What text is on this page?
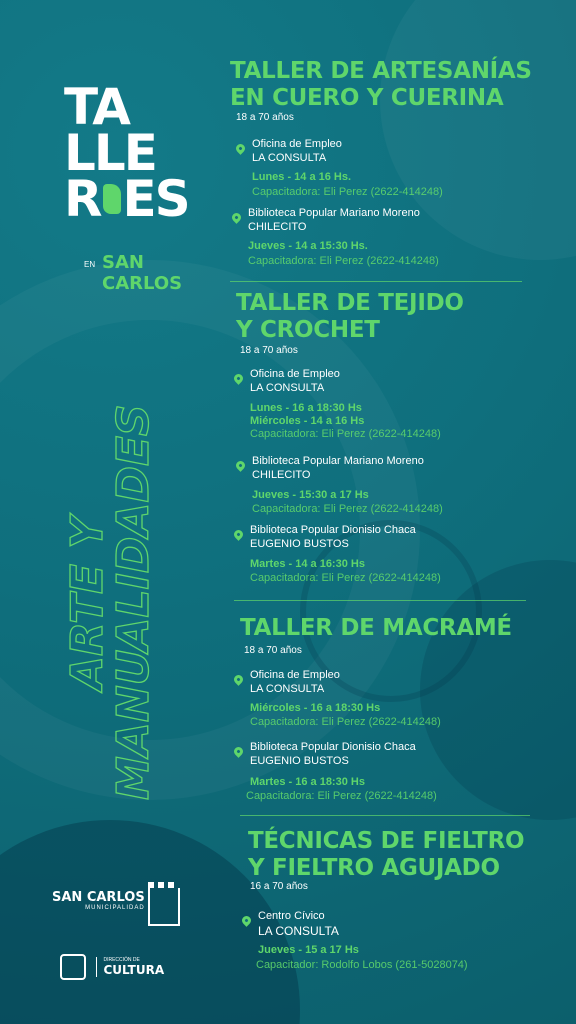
TA
LLE
R ES
EN SAN CARLOS
ARTE Y
MANUALIDADES
SAN CARLOS
MUNICIPALIDAD

DIRECCIÓN DE
CULTURA
TALLER DE ARTESANÍAS
EN CUERO Y CUERINA
18 a 70 años
Oficina de Empleo
LA CONSULTA
Lunes - 14 a 16 Hs.
Capacitadora: Eli Perez (2622-414248)
Biblioteca Popular Mariano Moreno
CHILECITO
Jueves - 14 a 15:30 Hs.
Capacitadora: Eli Perez (2622-414248)
TALLER DE TEJIDO
Y CROCHET
18 a 70 años
Oficina de Empleo
LA CONSULTA
Lunes - 16 a 18:30 Hs
Miércoles - 14 a 16 Hs
Capacitadora: Eli Perez (2622-414248)
Biblioteca Popular Mariano Moreno
CHILECITO
Jueves - 15:30 a 17 Hs
Capacitadora: Eli Perez (2622-414248)
Biblioteca Popular Dionisio Chaca
EUGENIO BUSTOS
Martes - 14 a 16:30 Hs
Capacitadora: Eli Perez (2622-414248)
TALLER DE MACRAMÉ
18 a 70 años
Oficina de Empleo
LA CONSULTA
Miércoles - 16 a 18:30 Hs
Capacitadora: Eli Perez (2622-414248)
Biblioteca Popular Dionisio Chaca
EUGENIO BUSTOS
Martes - 16 a 18:30 Hs
Capacitadora: Eli Perez (2622-414248)
TÉCNICAS DE FIELTRO
Y FIELTRO AGUJADO
16 a 70 años
Centro Cívico
LA CONSULTA
Jueves - 15 a 17 Hs
Capacitador: Rodolfo Lobos (261-5028074)
